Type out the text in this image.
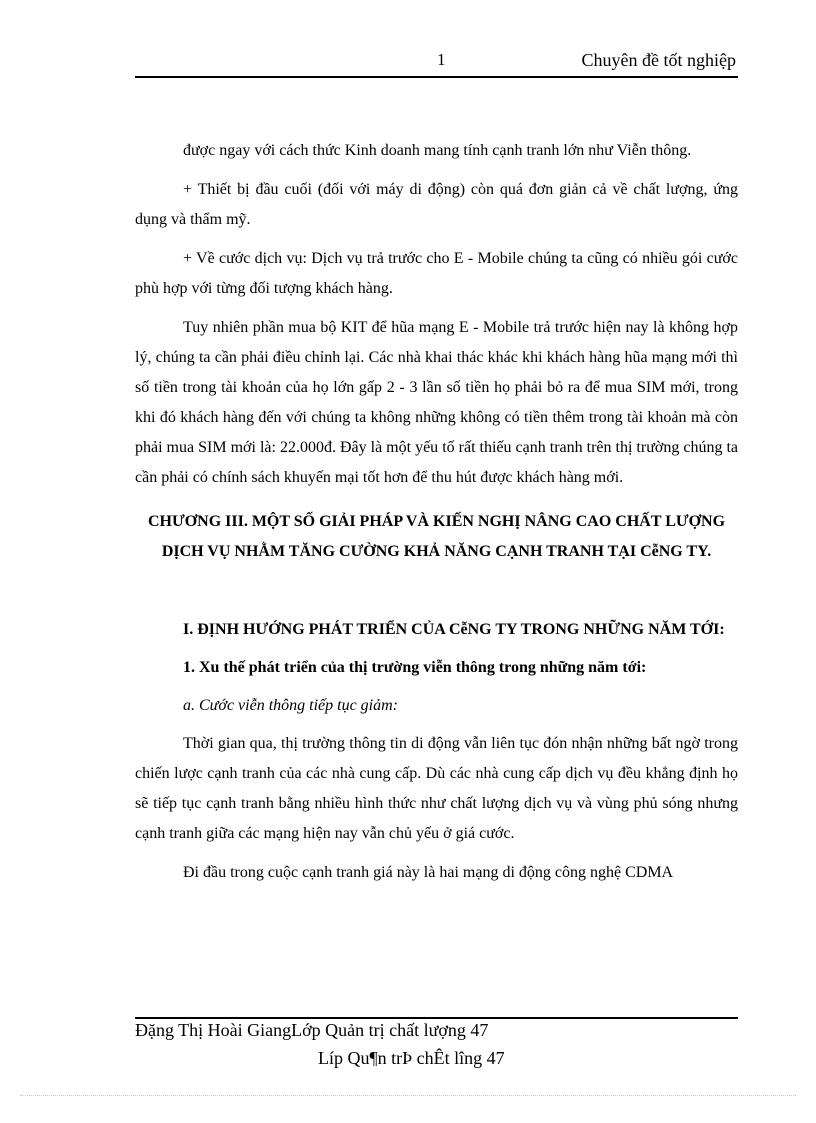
1	Chuyên đề tốt nghiệp

được ngay với cách thức Kinh doanh mang tính cạnh tranh lớn như Viễn thông.

+ Thiết bị đầu cuối (đối với máy di động) còn quá đơn giản cả về chất lượng, ứng dụng và thẩm mỹ.

+ Về cước dịch vụ: Dịch vụ trả trước cho E - Mobile chúng ta cũng có nhiều gói cước phù hợp với từng đối tượng khách hàng.

Tuy nhiên phần mua bộ KIT để hũa mạng E - Mobile trả trước hiện nay là không hợp lý, chúng ta cần phải điều chỉnh lại. Các nhà khai thác khác khi khách hàng hũa mạng mới thì số tiền trong tài khoản của họ lớn gấp 2 - 3 lần số tiền họ phải bỏ ra để mua SIM mới, trong khi đó khách hàng đến với chúng ta không những không có tiền thêm trong tài khoản mà còn phải mua SIM mới là: 22.000đ. Đây là một yếu tố rất thiếu cạnh tranh trên thị trường chúng ta cần phải có chính sách khuyến mại tốt hơn để thu hút được khách hàng mới.

CHƯƠNG III. MỘT SỐ GIẢI PHÁP VÀ KIẾN NGHỊ NÂNG CAO CHẤT LƯỢNG DỊCH VỤ NHẰM TĂNG CƯỜNG KHẢ NĂNG CẠNH TRANH TẠI CễNG TY.
I. ĐỊNH HƯỚNG PHÁT TRIỂN CỦA CễNG TY TRONG NHỮNG NĂM TỚI:
1. Xu thế phát triển của thị trường viễn thông trong những năm tới:
a. Cước viễn thông tiếp tục giảm:

Thời gian qua, thị trường thông tin di động vẫn liên tục đón nhận những bất ngờ trong chiến lược cạnh tranh của các nhà cung cấp. Dù các nhà cung cấp dịch vụ đều khẳng định họ sẽ tiếp tục cạnh tranh bằng nhiều hình thức như chất lượng dịch vụ và vùng phủ sóng nhưng cạnh tranh giữa các mạng hiện nay vẫn chủ yếu ở giá cước.

Đi đầu trong cuộc cạnh tranh giá này là hai mạng di động công nghệ CDMA

Đặng Thị Hoài GiangLớp Quản trị chất lượng 47
Líp Qu¶n trÞ chÊt lîng 47
